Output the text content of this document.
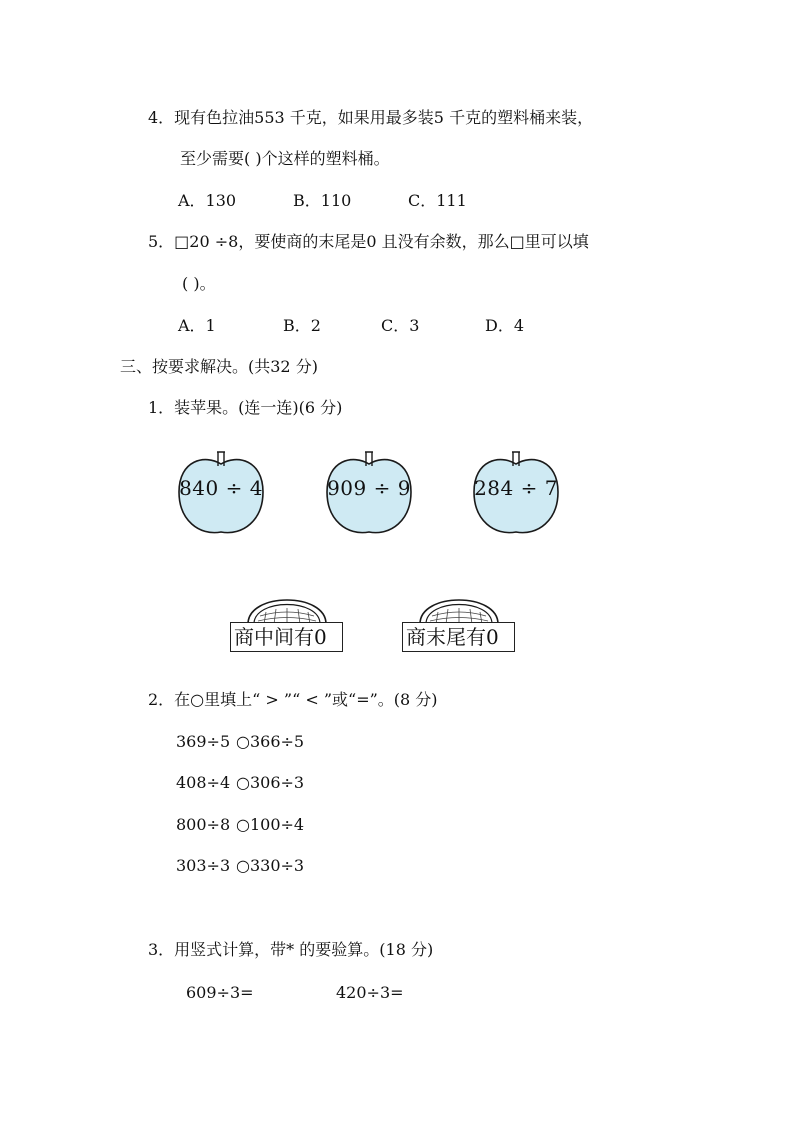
4．现有色拉油553 千克，如果用最多装5 千克的塑料桶来装，
至少需要( )个这样的塑料桶。
A．130	B．110	C．111
5．□20 ÷8，要使商的末尾是0 且没有余数，那么□里可以填
( )。
A．1	B．2	C．3	D．4
三、按要求解决。(共32 分)
1．装苹果。(连一连)(6 分)
840 ÷ 4	909 ÷ 9	284 ÷ 7
商中间有0	商末尾有0
2．在○里填上“ > ”“ < ”或“=”。(8 分)
369÷5 ○366÷5
408÷4 ○306÷3
800÷8 ○100÷4
303÷3 ○330÷3
3．用竖式计算，带* 的要验算。(18 分)
609÷3=	420÷3=
